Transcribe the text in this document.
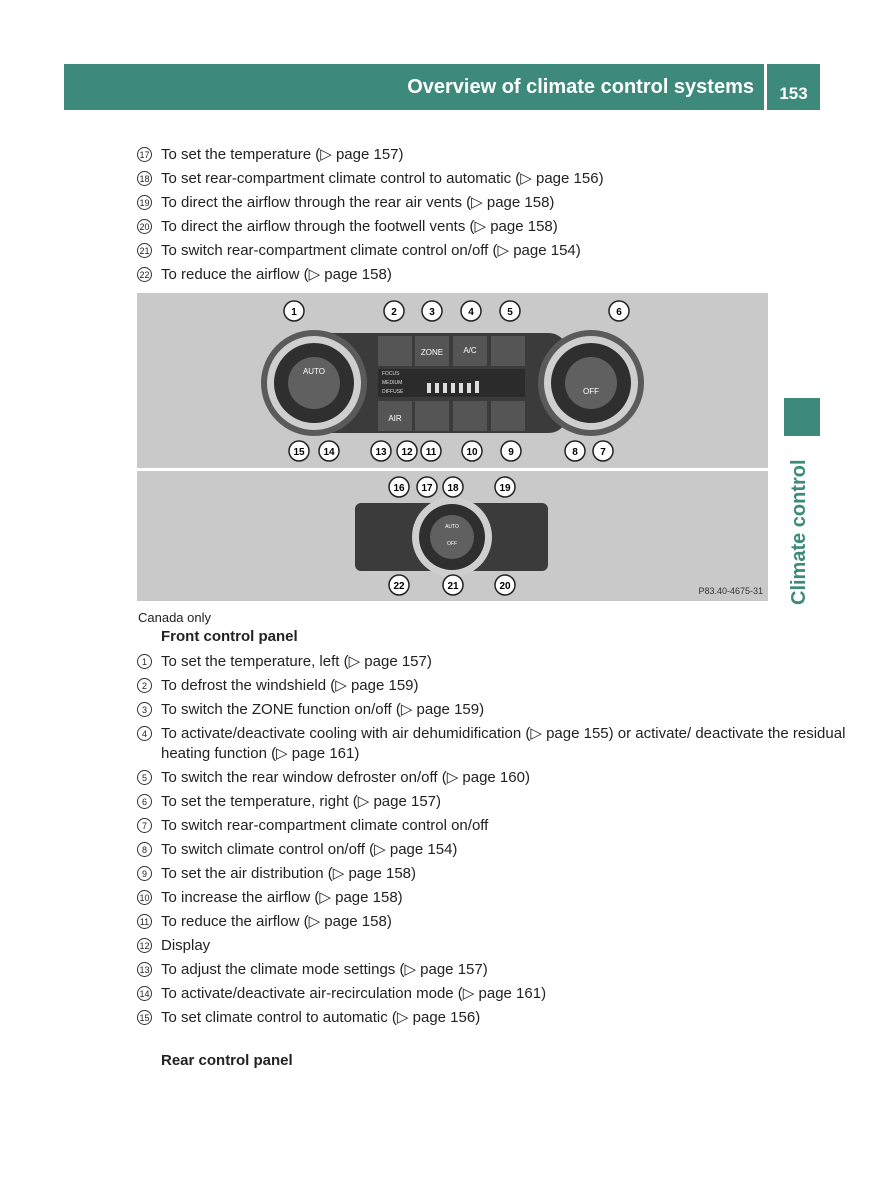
Overview of climate control systems	153
Climate control
17 To set the temperature (▷ page 157)
18 To set rear-compartment climate control to automatic (▷ page 156)
19 To direct the airflow through the rear air vents (▷ page 158)
20 To direct the airflow through the footwell vents (▷ page 158)
21 To switch rear-compartment climate control on/off (▷ page 154)
22 To reduce the airflow (▷ page 158)
AUTO
OFF
ZONE	A/C
AIR
FOCUS
MEDIUM
DIFFUSE
AUTO
OFF
1	2	3	4	5	6
15 14	13 12 11	10	9	8 7
16 17 18	19
22	21	20	P83.40-4675-31
Canada only
Front control panel
1 To set the temperature, left (▷ page 157)
2 To defrost the windshield (▷ page 159)
3 To switch the ZONE function on/off (▷ page 159)
4 To activate/deactivate cooling with air dehumidification (▷ page 155) or activate/ deactivate the residual heating function (▷ page 161)
5 To switch the rear window defroster on/off (▷ page 160)
6 To set the temperature, right (▷ page 157)
7 To switch rear-compartment climate control on/off
8 To switch climate control on/off (▷ page 154)
9 To set the air distribution (▷ page 158)
10 To increase the airflow (▷ page 158)
11 To reduce the airflow (▷ page 158)
12 Display
13 To adjust the climate mode settings (▷ page 157)
14 To activate/deactivate air-recirculation mode (▷ page 161)
15 To set climate control to automatic (▷ page 156)
Rear control panel
